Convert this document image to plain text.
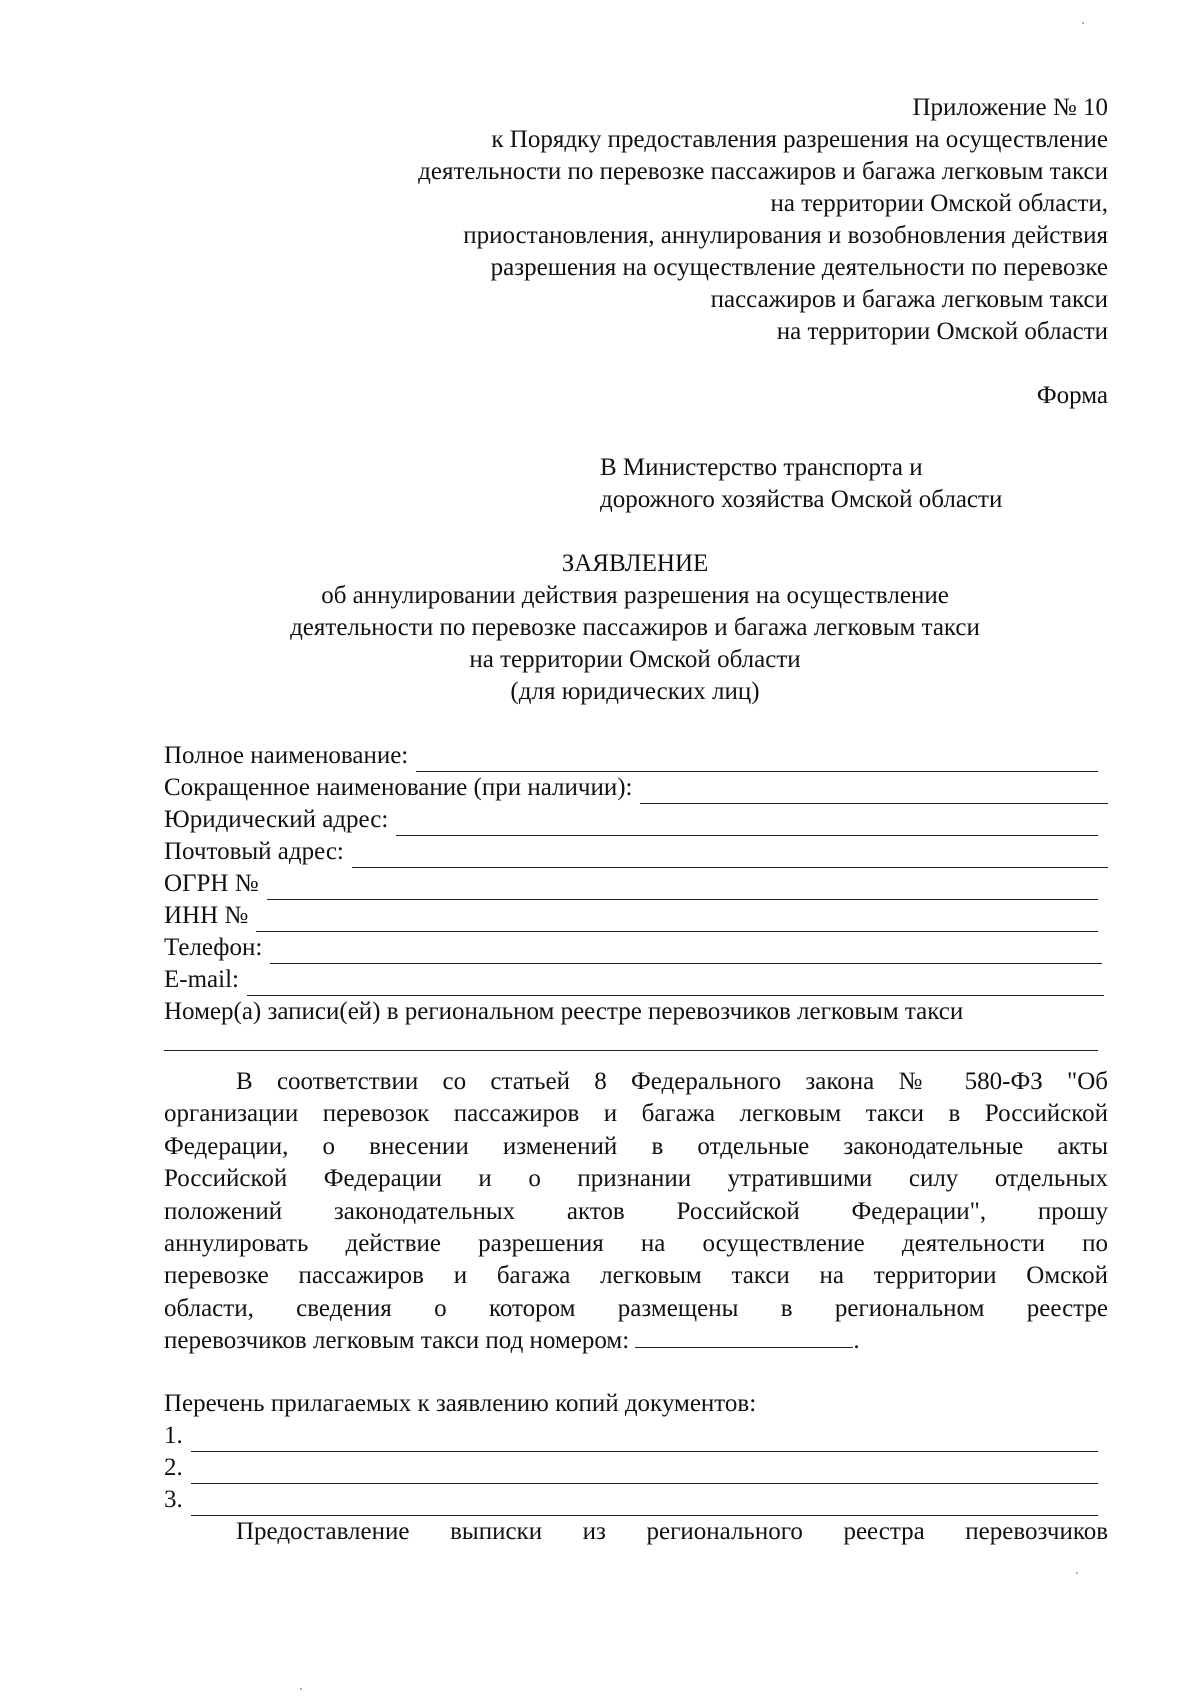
Приложение № 10
к Порядку предоставления разрешения на осуществление
деятельности по перевозке пассажиров и багажа легковым такси
на территории Омской области,
приостановления, аннулирования и возобновления действия
разрешения на осуществление деятельности по перевозке
пассажиров и багажа легковым такси
на территории Омской области
Форма
В Министерство транспорта и
дорожного хозяйства Омской области
ЗАЯВЛЕНИЕ
об аннулировании действия разрешения на осуществление
деятельности по перевозке пассажиров и багажа легковым такси
на территории Омской области
(для юридических лиц)
Полное наименование:
Сокращенное наименование (при наличии):
Юридический адрес:
Почтовый адрес:
ОГРН №
ИНН №
Телефон:
E-mail:
Номер(а) записи(ей) в региональном реестре перевозчиков легковым такси
В соответствии со статьей 8 Федерального закона № 580-ФЗ "Об
организации перевозок пассажиров и багажа легковым такси в Российской
Федерации, о внесении изменений в отдельные законодательные акты
Российской Федерации и о признании утратившими силу отдельных
положений законодательных актов Российской Федерации", прошу
аннулировать действие разрешения на осуществление деятельности по
перевозке пассажиров и багажа легковым такси на территории Омской
области, сведения о котором размещены в региональном реестре
перевозчиков легковым такси под номером:	.
Перечень прилагаемых к заявлению копий документов:
1.
2.
3.
Предоставление выписки из регионального реестра перевозчиков
